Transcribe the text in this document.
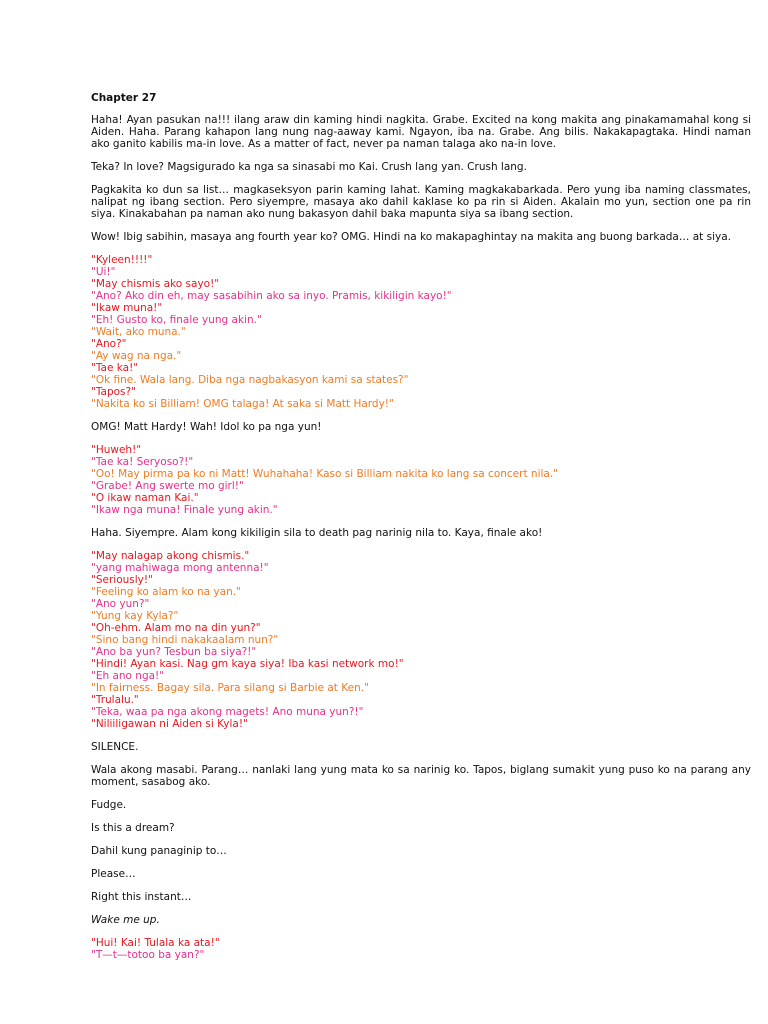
Chapter 27
Haha! Ayan pasukan na!!! ilang araw din kaming hindi nagkita. Grabe. Excited na kong makita ang pinakamamahal kong si Aiden. Haha. Parang kahapon lang nung nag-aaway kami. Ngayon, iba na. Grabe. Ang bilis. Nakakapagtaka. Hindi naman ako ganito kabilis ma-in love. As a matter of fact, never pa naman talaga ako na-in love.
Teka? In love? Magsigurado ka nga sa sinasabi mo Kai. Crush lang yan. Crush lang.
Pagkakita ko dun sa list… magkaseksyon parin kaming lahat. Kaming magkakabarkada. Pero yung iba naming classmates, nalipat ng ibang section. Pero siyempre, masaya ako dahil kaklase ko pa rin si Aiden. Akalain mo yun, section one pa rin siya. Kinakabahan pa naman ako nung bakasyon dahil baka mapunta siya sa ibang section.
Wow! Ibig sabihin, masaya ang fourth year ko? OMG. Hindi na ko makapaghintay na makita ang buong barkada… at siya.
"Kyleen!!!!"
"Ui!"
"May chismis ako sayo!"
"Ano? Ako din eh, may sasabihin ako sa inyo. Pramis, kikiligin kayo!"
"Ikaw muna!"
"Eh! Gusto ko, finale yung akin."
"Wait, ako muna."
"Ano?"
"Ay wag na nga."
"Tae ka!"
"Ok fine. Wala lang. Diba nga nagbakasyon kami sa states?"
"Tapos?"
"Nakita ko si Billiam! OMG talaga! At saka si Matt Hardy!"
OMG! Matt Hardy! Wah! Idol ko pa nga yun!
"Huweh!"
"Tae ka! Seryoso?!"
"Oo! May pirma pa ko ni Matt! Wuhahaha! Kaso si Billiam nakita ko lang sa concert nila."
"Grabe! Ang swerte mo girl!"
"O ikaw naman Kai."
"Ikaw nga muna! Finale yung akin."
Haha. Siyempre. Alam kong kikiligin sila to death pag narinig nila to. Kaya, finale ako!
"May nalagap akong chismis."
"yang mahiwaga mong antenna!"
"Seriously!"
"Feeling ko alam ko na yan."
"Ano yun?"
"Yung kay Kyla?"
"Oh-ehm. Alam mo na din yun?"
"Sino bang hindi nakakaalam nun?"
"Ano ba yun? Tesbun ba siya?!"
"Hindi! Ayan kasi. Nag gm kaya siya! Iba kasi network mo!"
"Eh ano nga!"
"In fairness. Bagay sila. Para silang si Barbie at Ken."
"Trulalu."
"Teka, waa pa nga akong magets! Ano muna yun?!"
"Niliiligawan ni Aiden si Kyla!"
SILENCE.
Wala akong masabi. Parang… nanlaki lang yung mata ko sa narinig ko. Tapos, biglang sumakit yung puso ko na parang any moment, sasabog ako.
Fudge.
Is this a dream?
Dahil kung panaginip to…
Please…
Right this instant…
Wake me up.
"Hui! Kai! Tulala ka ata!"
"T—t—totoo ba yan?"
